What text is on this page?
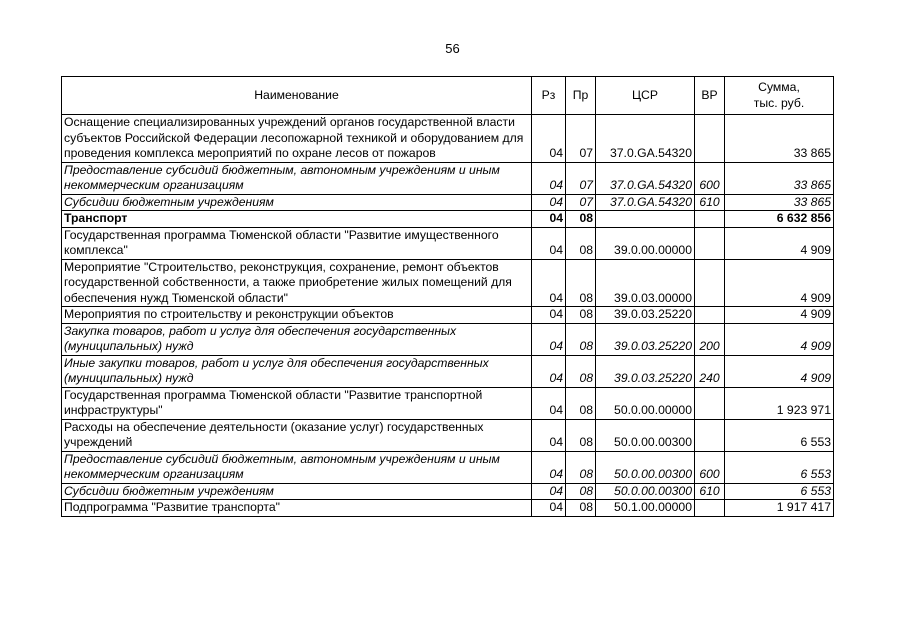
56
Наименование	Рз	Пр	ЦСР	ВР	Сумма, тыс. руб.
Оснащение специализированных учреждений органов государственной власти субъектов Российской Федерации лесопожарной техникой и оборудованием для проведения комплекса мероприятий по охране лесов от пожаров	04	07	37.0.GA.54320		33 865
Предоставление субсидий бюджетным, автономным учреждениям и иным некоммерческим организациям	04	07	37.0.GA.54320	600	33 865
Субсидии бюджетным учреждениям	04	07	37.0.GA.54320	610	33 865
Транспорт	04	08			6 632 856
Государственная программа Тюменской области "Развитие имущественного комплекса"	04	08	39.0.00.00000		4 909
Мероприятие "Строительство, реконструкция, сохранение, ремонт объектов государственной собственности, а также приобретение жилых помещений для обеспечения нужд Тюменской области"	04	08	39.0.03.00000		4 909
Мероприятия по строительству и реконструкции объектов	04	08	39.0.03.25220		4 909
Закупка товаров, работ и услуг для обеспечения государственных (муниципальных) нужд	04	08	39.0.03.25220	200	4 909
Иные закупки товаров, работ и услуг для обеспечения государственных (муниципальных) нужд	04	08	39.0.03.25220	240	4 909
Государственная программа Тюменской области "Развитие транспортной инфраструктуры"	04	08	50.0.00.00000		1 923 971
Расходы на обеспечение деятельности (оказание услуг) государственных учреждений	04	08	50.0.00.00300		6 553
Предоставление субсидий бюджетным, автономным учреждениям и иным некоммерческим организациям	04	08	50.0.00.00300	600	6 553
Субсидии бюджетным учреждениям	04	08	50.0.00.00300	610	6 553
Подпрограмма "Развитие транспорта"	04	08	50.1.00.00000		1 917 417
